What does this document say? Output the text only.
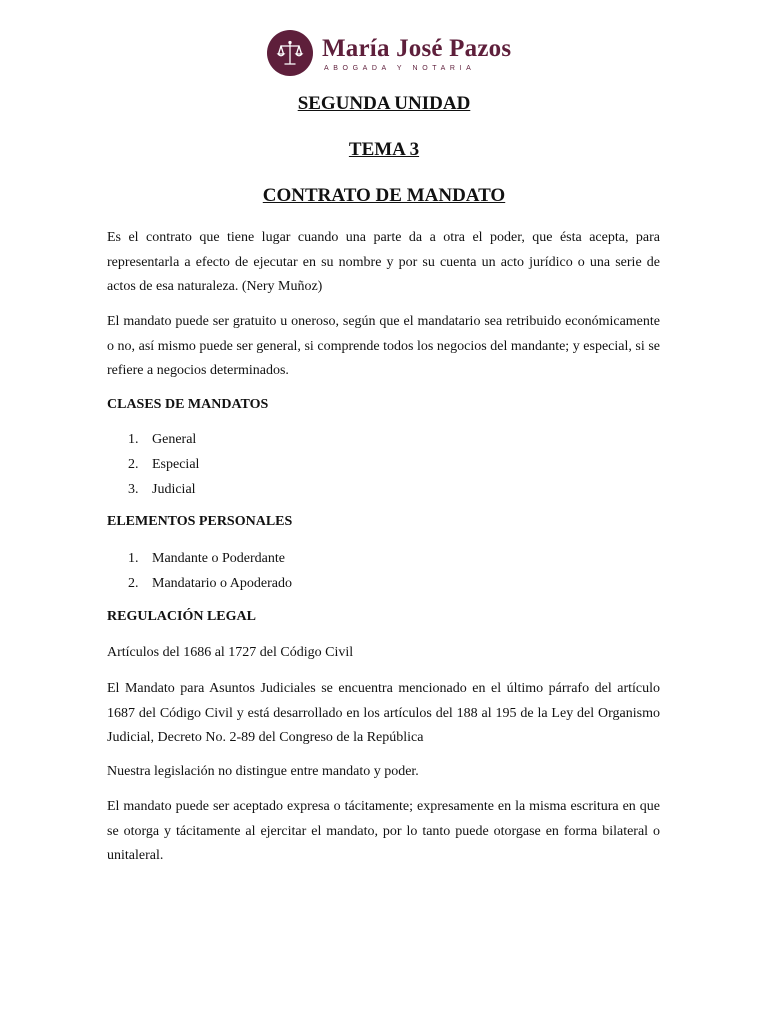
María José Pazos
ABOGADA Y NOTARIA
SEGUNDA UNIDAD
TEMA 3
CONTRATO DE MANDATO
Es el contrato que tiene lugar cuando una parte da a otra el poder, que ésta acepta, para representarla a efecto de ejecutar en su nombre y por su cuenta un acto jurídico o una serie de actos de esa naturaleza. (Nery Muñoz)
El mandato puede ser gratuito u oneroso, según que el mandatario sea retribuido económicamente o no, así mismo puede ser general, si comprende todos los negocios del mandante; y especial, si se refiere a negocios determinados.
CLASES DE MANDATOS
1. General
2. Especial
3. Judicial
ELEMENTOS PERSONALES
1. Mandante o Poderdante
2. Mandatario o Apoderado
REGULACIÓN LEGAL
Artículos del 1686 al 1727 del Código Civil
El Mandato para Asuntos Judiciales se encuentra mencionado en el último párrafo del artículo 1687 del Código Civil y está desarrollado en los artículos del 188 al 195 de la Ley del Organismo Judicial, Decreto No. 2-89 del Congreso de la República
Nuestra legislación no distingue entre mandato y poder.
El mandato puede ser aceptado expresa o tácitamente; expresamente en la misma escritura en que se otorga y tácitamente al ejercitar el mandato, por lo tanto puede otorgase en forma bilateral o unitaleral.
